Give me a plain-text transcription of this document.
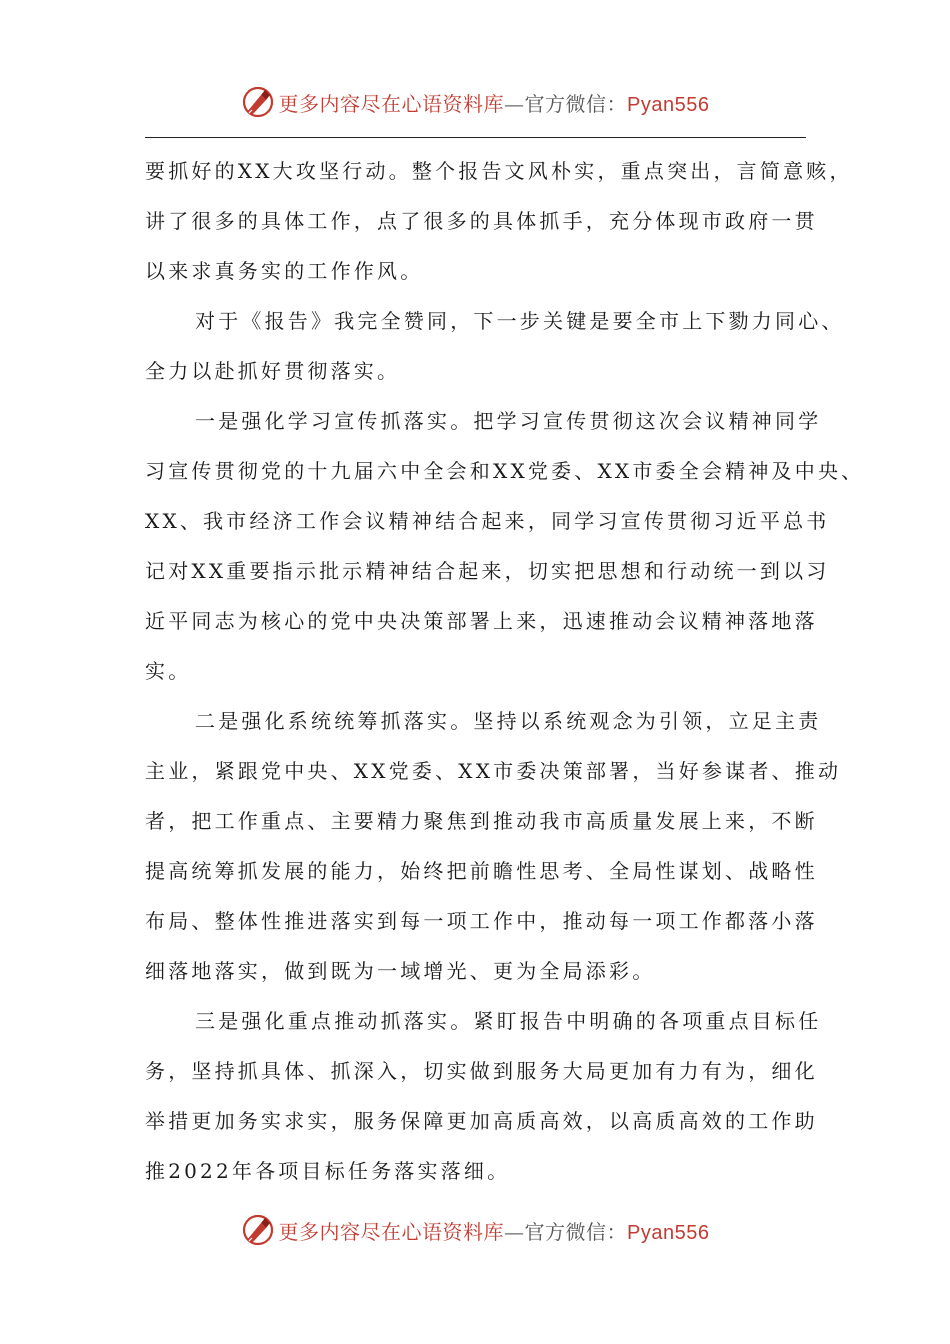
更多内容尽在心语资料库—官方微信：Pyan556
要抓好的XX大攻坚行动。整个报告文风朴实，重点突出，言简意赅，
讲了很多的具体工作，点了很多的具体抓手，充分体现市政府一贯
以来求真务实的工作作风。
对于《报告》我完全赞同，下一步关键是要全市上下勠力同心、
全力以赴抓好贯彻落实。
一是强化学习宣传抓落实。把学习宣传贯彻这次会议精神同学
习宣传贯彻党的十九届六中全会和XX党委、XX市委全会精神及中央、
XX、我市经济工作会议精神结合起来，同学习宣传贯彻习近平总书
记对XX重要指示批示精神结合起来，切实把思想和行动统一到以习
近平同志为核心的党中央决策部署上来，迅速推动会议精神落地落
实。
二是强化系统统筹抓落实。坚持以系统观念为引领，立足主责
主业，紧跟党中央、XX党委、XX市委决策部署，当好参谋者、推动
者，把工作重点、主要精力聚焦到推动我市高质量发展上来，不断
提高统筹抓发展的能力，始终把前瞻性思考、全局性谋划、战略性
布局、整体性推进落实到每一项工作中，推动每一项工作都落小落
细落地落实，做到既为一域增光、更为全局添彩。
三是强化重点推动抓落实。紧盯报告中明确的各项重点目标任
务，坚持抓具体、抓深入，切实做到服务大局更加有力有为，细化
举措更加务实求实，服务保障更加高质高效，以高质高效的工作助
推2022年各项目标任务落实落细。
更多内容尽在心语资料库—官方微信：Pyan556
